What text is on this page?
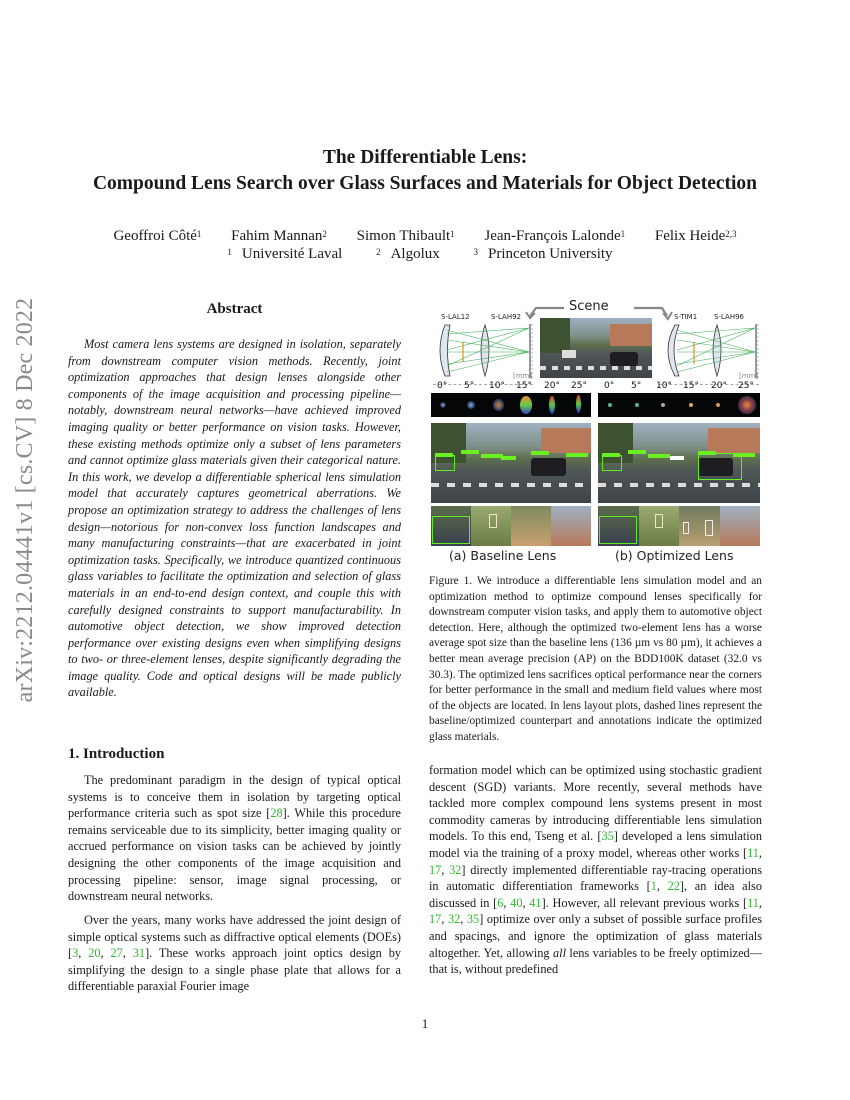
The Differentiable Lens:
Compound Lens Search over Glass Surfaces and Materials for Object Detection
Geoffroi Côté$^1$ Fahim Mannan$^2$ Simon Thibault$^1$ Jean-François Lalonde$^1$ Felix Heide$^{2,3}$
$^1$ Université Laval	$^2$ Algolux	$^3$ Princeton University
arXiv:2212.04441v1 [cs.CV] 8 Dec 2022	Abstract
Most camera lens systems are designed in isolation, separately from downstream computer vision methods. Recently, joint optimization approaches that design lenses alongside other components of the image acquisition and processing pipeline—notably, downstream neural networks—have achieved improved imaging quality or better performance on vision tasks. However, these existing methods optimize only a subset of lens parameters and cannot optimize glass materials given their categorical nature. In this work, we develop a differentiable spherical lens simulation model that accurately captures geometrical aberrations. We propose an optimization strategy to address the challenges of lens design—notorious for non-convex loss function landscapes and many manufacturing constraints—that are exacerbated in joint optimization tasks. Specifically, we introduce quantized continuous glass variables to facilitate the optimization and selection of glass materials in an end-to-end design context, and couple this with carefully designed constraints to support manufacturability. In automotive object detection, we show improved detection performance over existing designs even when simplifying designs to two- or three-element lenses, despite significantly degrading the image quality. Code and optical designs will be made publicly available.
1. Introduction
The predominant paradigm in the design of typical optical systems is to conceive them in isolation by targeting optical performance criteria such as spot size [28]. While this procedure remains serviceable due to its simplicity, better imaging quality or accrued performance on vision tasks can be achieved by jointly designing the other components of the image acquisition and processing pipeline: sensor, image signal processing, or downstream neural networks.
Over the years, many works have addressed the joint design of simple optical systems such as diffractive optical elements (DOEs) [3, 20, 27, 31]. These works approach joint optics design by simplifying the design to a single phase plate that allows for a differentiable paraxial Fourier image
formation model which can be optimized using stochastic gradient descent (SGD) variants. More recently, several methods have tackled more complex compound lens systems present in most commodity cameras by introducing differentiable lens simulation models. To this end, Tseng et al. [35] developed a lens simulation model via the training of a proxy model, whereas other works [11, 17, 32] directly implemented differentiable ray-tracing operations in automatic differentiation frameworks [1, 22], an idea also discussed in [6, 40, 41]. However, all relevant previous works [11, 17, 32, 35] optimize over only a subset of possible surface profiles and spacings, and ignore the optimization of glass materials altogether. Yet, allowing all lens variables to be freely optimized—that is, without predefined
Scene
S-LAL12	S-LAH92
[mm]
S-TIM1 S-LAH96
[mm]
0° 5° 10° 15° 20° 25° 0° 5° 10° 15° 20° 25°
(a) Baseline Lens	(b) Optimized Lens
Figure 1. We introduce a differentiable lens simulation model and an optimization method to optimize compound lenses specifically for downstream computer vision tasks, and apply them to automotive object detection. Here, although the optimized two-element lens has a worse average spot size than the baseline lens (136 µm vs 80 µm), it achieves a better mean average precision (AP) on the BDD100K dataset (32.0 vs 30.3). The optimized lens sacrifices optical performance near the corners for better performance in the small and medium field values where most of the objects are located. In lens layout plots, dashed lines represent the baseline/optimized counterpart and annotations indicate the optimized glass materials.
1
